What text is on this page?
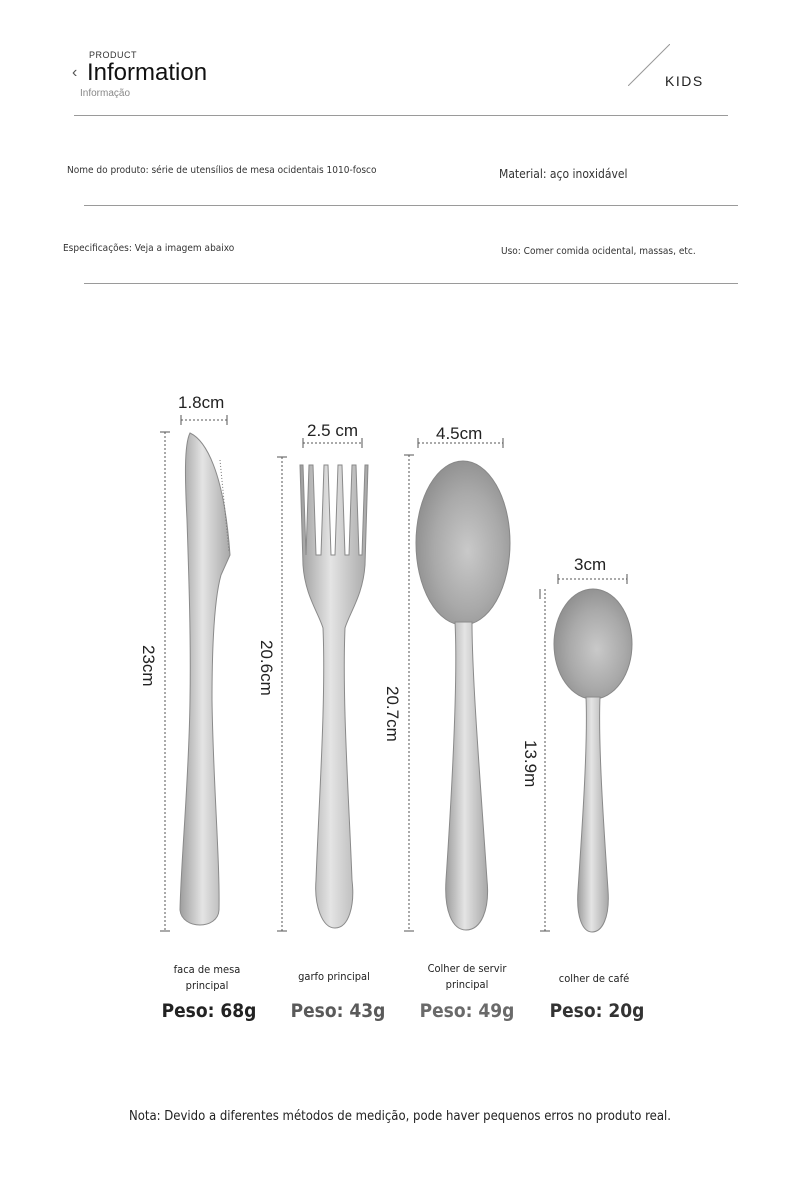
PRODUCT
‹ Information
Informação
KIDS
Nome do produto: série de utensílios de mesa ocidentais 1010-fosco	Material: aço inoxidável
Especificações: Veja a imagem abaixo	Uso: Comer comida ocidental, massas, etc.
1.8cm
2.5 cm	4.5cm
3cm
23cm	20.6cm
20.7cm
13.9m
faca de mesa
principal
garfo principal
Colher de servir
principal	colher de café
Peso: 68g	Peso: 43g	Peso: 49g	Peso: 20g
Nota: Devido a diferentes métodos de medição, pode haver pequenos erros no produto real.
